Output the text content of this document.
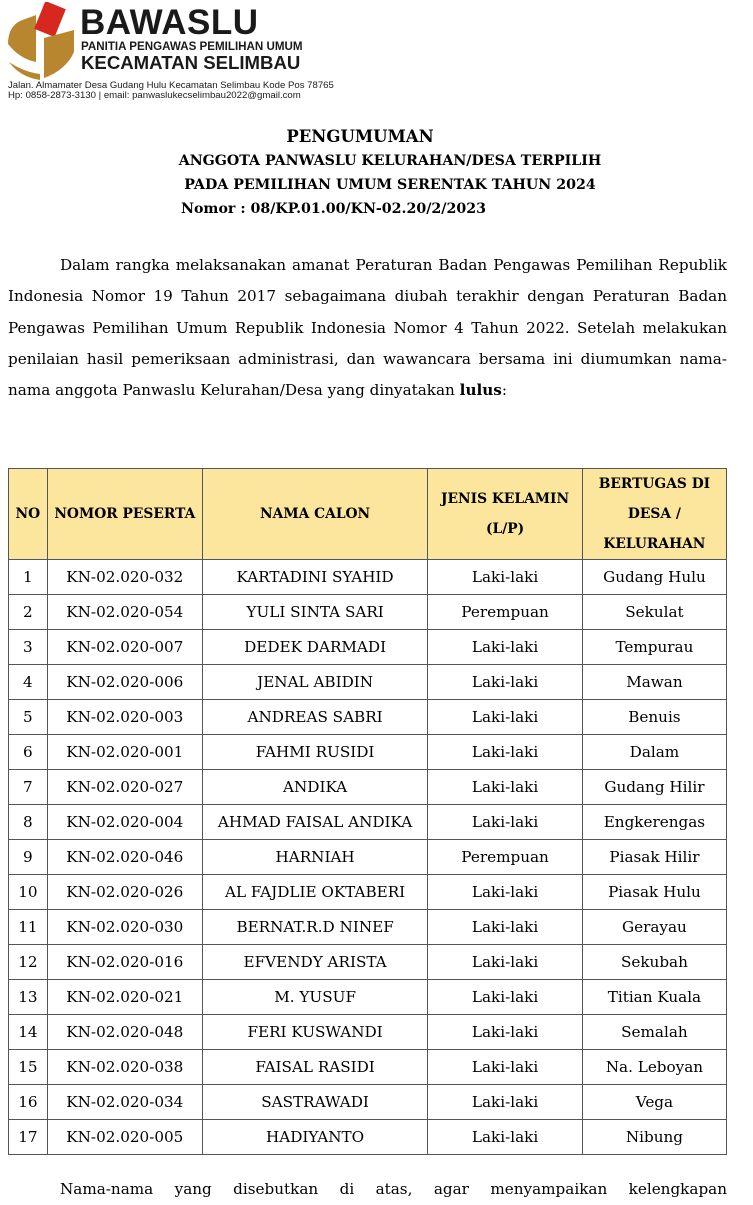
BAWASLU
PANITIA PENGAWAS PEMILIHAN UMUM
KECAMATAN SELIMBAU
Jalan. Almamater Desa Gudang Hulu Kecamatan Selimbau Kode Pos 78765
Hp: 0858-2873-3130 | email: panwaslukecselimbau2022@gmail.com
PENGUMUMAN
ANGGOTA PANWASLU KELURAHAN/DESA TERPILIH
PADA PEMILIHAN UMUM SERENTAK TAHUN 2024
Nomor : 08/KP.01.00/KN-02.20/2/2023
Dalam rangka melaksanakan amanat Peraturan Badan Pengawas Pemilihan Republik Indonesia Nomor 19 Tahun 2017 sebagaimana diubah terakhir dengan Peraturan Badan Pengawas Pemilihan Umum Republik Indonesia Nomor 4 Tahun 2022. Setelah melakukan penilaian hasil pemeriksaan administrasi, dan wawancara bersama ini diumumkan nama-nama anggota Panwaslu Kelurahan/Desa yang dinyatakan lulus:
NO	NOMOR PESERTA	NAMA CALON	JENIS KELAMIN (L/P)	BERTUGAS DI DESA / KELURAHAN
1	KN-02.020-032	KARTADINI SYAHID	Laki-laki	Gudang Hulu
2	KN-02.020-054	YULI SINTA SARI	Perempuan	Sekulat
3	KN-02.020-007	DEDEK DARMADI	Laki-laki	Tempurau
4	KN-02.020-006	JENAL ABIDIN	Laki-laki	Mawan
5	KN-02.020-003	ANDREAS SABRI	Laki-laki	Benuis
6	KN-02.020-001	FAHMI RUSIDI	Laki-laki	Dalam
7	KN-02.020-027	ANDIKA	Laki-laki	Gudang Hilir
8	KN-02.020-004	AHMAD FAISAL ANDIKA	Laki-laki	Engkerengas
9	KN-02.020-046	HARNIAH	Perempuan	Piasak Hilir
10	KN-02.020-026	AL FAJDLIE OKTABERI	Laki-laki	Piasak Hulu
11	KN-02.020-030	BERNAT.R.D NINEF	Laki-laki	Gerayau
12	KN-02.020-016	EFVENDY ARISTA	Laki-laki	Sekubah
13	KN-02.020-021	M. YUSUF	Laki-laki	Titian Kuala
14	KN-02.020-048	FERI KUSWANDI	Laki-laki	Semalah
15	KN-02.020-038	FAISAL RASIDI	Laki-laki	Na. Leboyan
16	KN-02.020-034	SASTRAWADI	Laki-laki	Vega
17	KN-02.020-005	HADIYANTO	Laki-laki	Nibung
Nama-nama yang disebutkan di atas, agar menyampaikan kelengkapan
